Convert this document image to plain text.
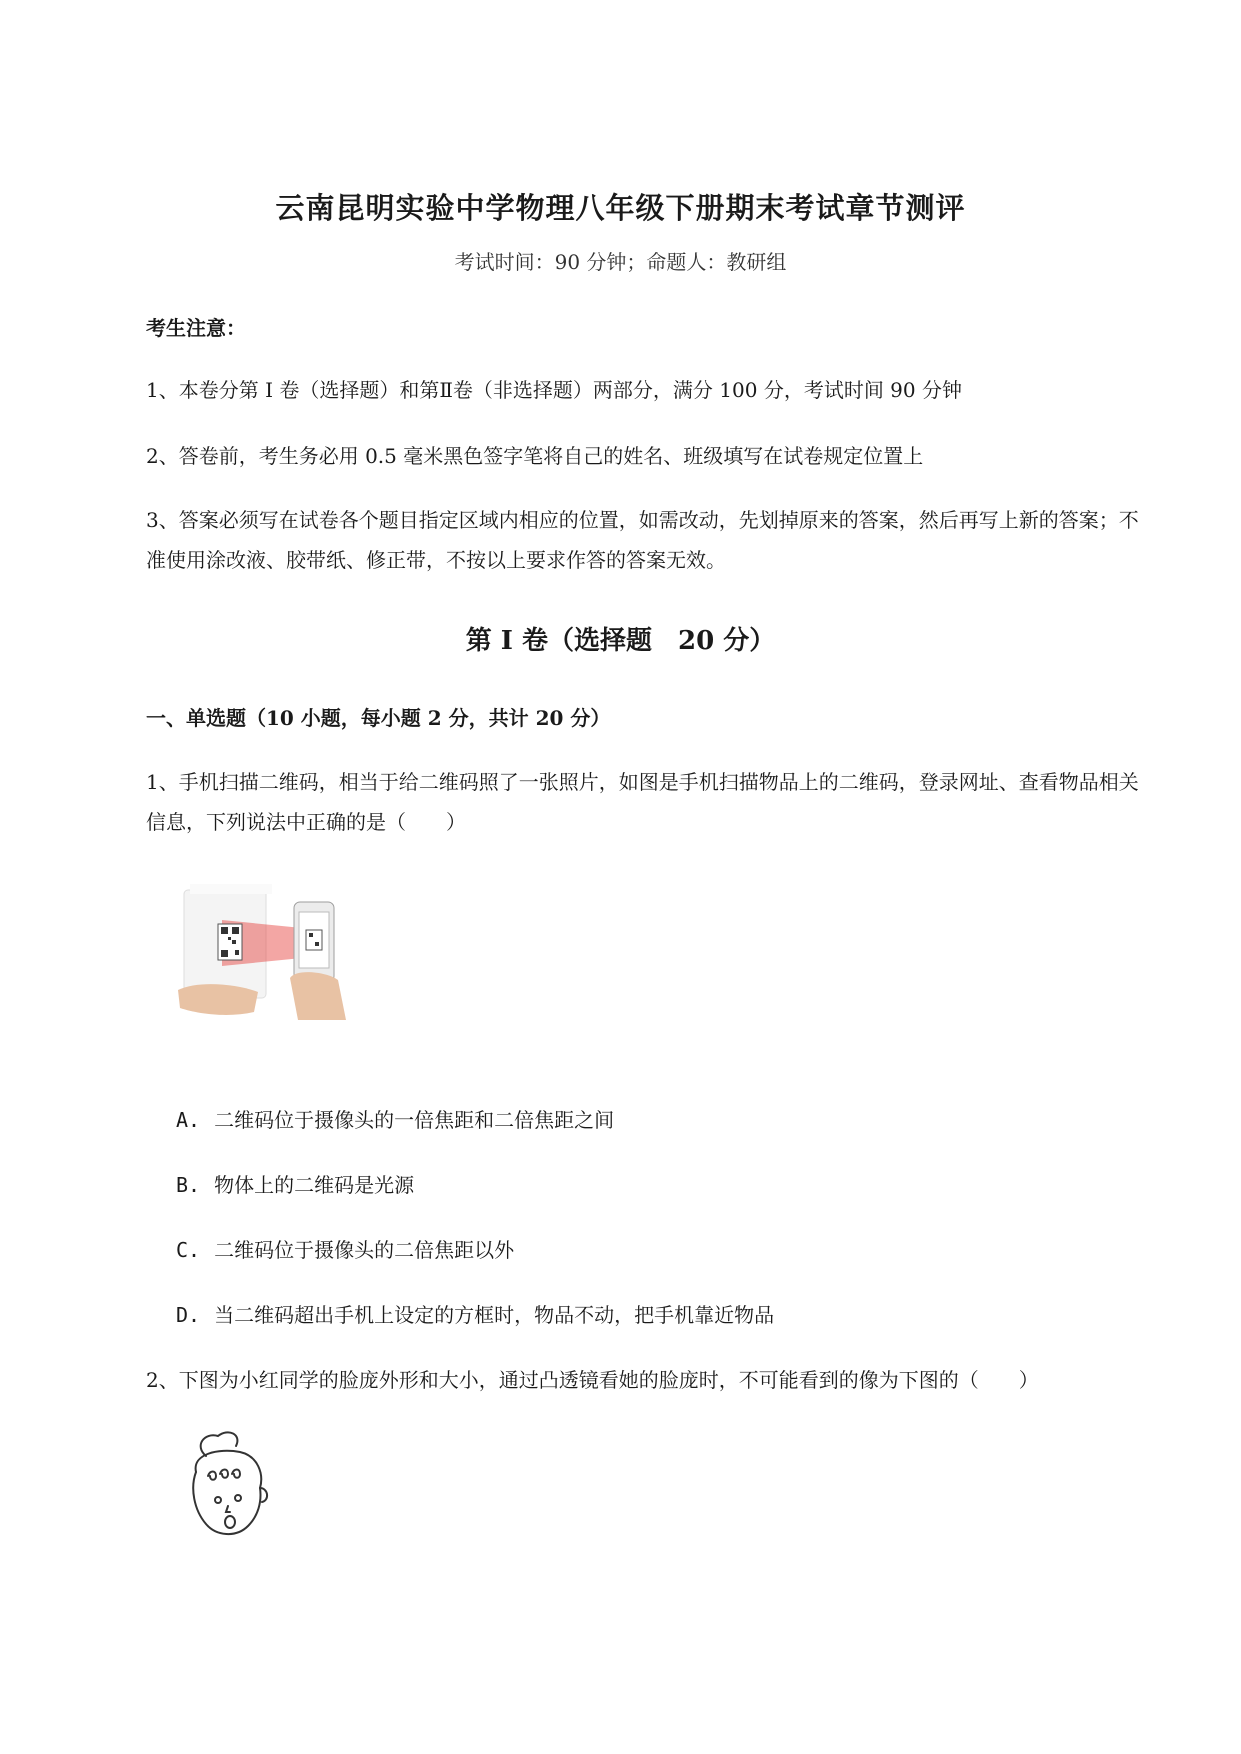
云南昆明实验中学物理八年级下册期末考试章节测评
考试时间：90 分钟；命题人：教研组
考生注意：
1、本卷分第 I 卷（选择题）和第Ⅱ卷（非选择题）两部分，满分 100 分，考试时间 90 分钟
2、答卷前，考生务必用 0.5 毫米黑色签字笔将自己的姓名、班级填写在试卷规定位置上
3、答案必须写在试卷各个题目指定区域内相应的位置，如需改动，先划掉原来的答案，然后再写上新的答案；不准使用涂改液、胶带纸、修正带，不按以上要求作答的答案无效。
第 I 卷（选择题　20 分）
一、单选题（10 小题，每小题 2 分，共计 20 分）
1、手机扫描二维码，相当于给二维码照了一张照片，如图是手机扫描物品上的二维码，登录网址、查看物品相关信息，下列说法中正确的是（　　）
A. 二维码位于摄像头的一倍焦距和二倍焦距之间
B. 物体上的二维码是光源
C. 二维码位于摄像头的二倍焦距以外
D. 当二维码超出手机上设定的方框时，物品不动，把手机靠近物品
2、下图为小红同学的脸庞外形和大小，通过凸透镜看她的脸庞时，不可能看到的像为下图的（　　）
